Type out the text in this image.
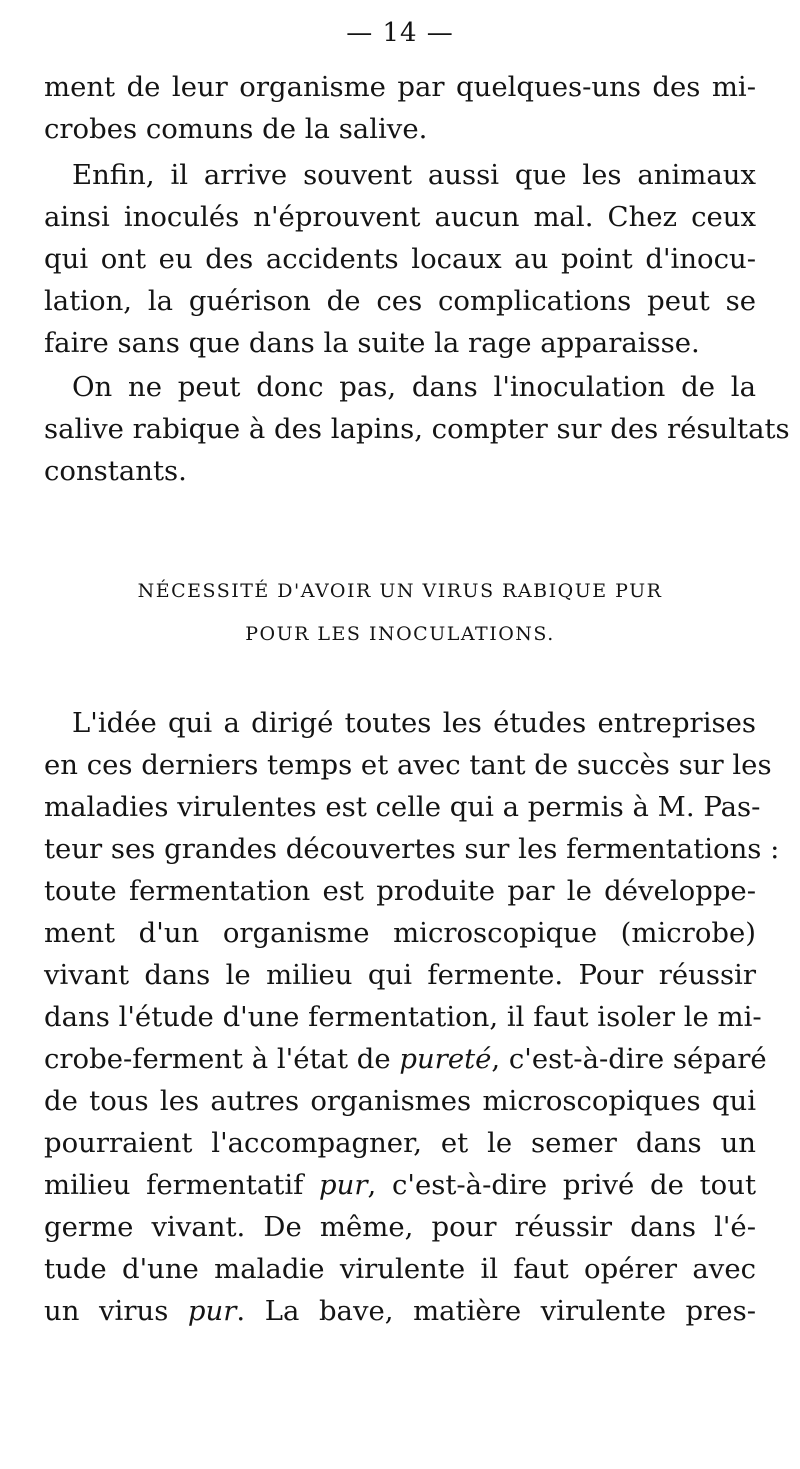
— 14 —
ment de leur organisme par quelques-uns des mi-
crobes comuns de la salive.
Enfin, il arrive souvent aussi que les animaux
ainsi inoculés n'éprouvent aucun mal. Chez ceux
qui ont eu des accidents locaux au point d'inocu-
lation, la guérison de ces complications peut se
faire sans que dans la suite la rage apparaisse.
On ne peut donc pas, dans l'inoculation de la
salive rabique à des lapins, compter sur des résultats
constants.
NÉCESSITÉ D'AVOIR UN VIRUS RABIQUE PUR
POUR LES INOCULATIONS.
L'idée qui a dirigé toutes les études entreprises
en ces derniers temps et avec tant de succès sur les
maladies virulentes est celle qui a permis à M. Pas-
teur ses grandes découvertes sur les fermentations :
toute fermentation est produite par le développe-
ment d'un organisme microscopique (microbe)
vivant dans le milieu qui fermente. Pour réussir
dans l'étude d'une fermentation, il faut isoler le mi-
crobe-ferment à l'état de pureté, c'est-à-dire séparé
de tous les autres organismes microscopiques qui
pourraient l'accompagner, et le semer dans un
milieu fermentatif pur, c'est-à-dire privé de tout
germe vivant. De même, pour réussir dans l'é-
tude d'une maladie virulente il faut opérer avec
un virus pur. La bave, matière virulente pres-
